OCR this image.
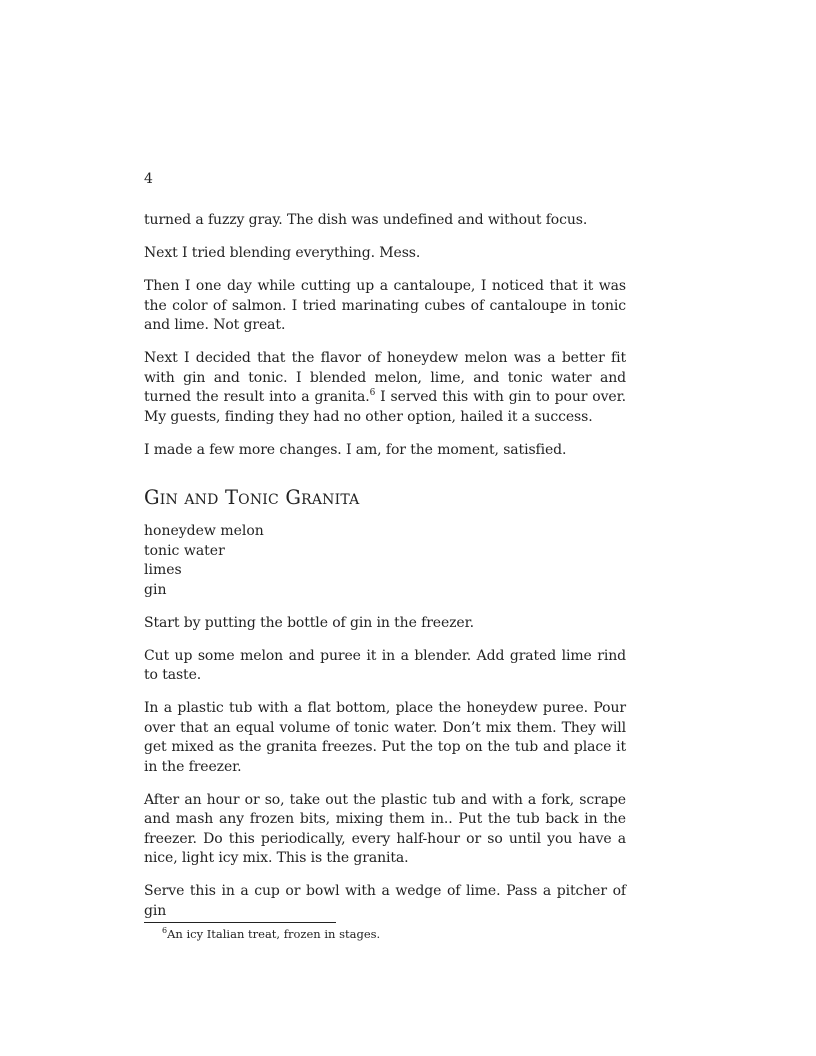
4

turned a fuzzy gray. The dish was undefined and without focus.

Next I tried blending everything. Mess.

Then I one day while cutting up a cantaloupe, I noticed that it was the color of salmon. I tried marinating cubes of cantaloupe in tonic and lime. Not great.

Next I decided that the flavor of honeydew melon was a better fit with gin and tonic. I blended melon, lime, and tonic water and turned the result into a granita.$^6$ I served this with gin to pour over. My guests, finding they had no other option, hailed it a success.

I made a few more changes. I am, for the moment, satisfied.

Gin and Tonic Granita
honeydew melon
tonic water
limes
gin

Start by putting the bottle of gin in the freezer.

Cut up some melon and puree it in a blender. Add grated lime rind to taste.

In a plastic tub with a flat bottom, place the honeydew puree. Pour over that an equal volume of tonic water. Don’t mix them. They will get mixed as the granita freezes. Put the top on the tub and place it in the freezer.

After an hour or so, take out the plastic tub and with a fork, scrape and mash any frozen bits, mixing them in.. Put the tub back in the freezer. Do this periodically, every half-hour or so until you have a nice, light icy mix. This is the granita.

Serve this in a cup or bowl with a wedge of lime. Pass a pitcher of gin

$^6$An icy Italian treat, frozen in stages.
